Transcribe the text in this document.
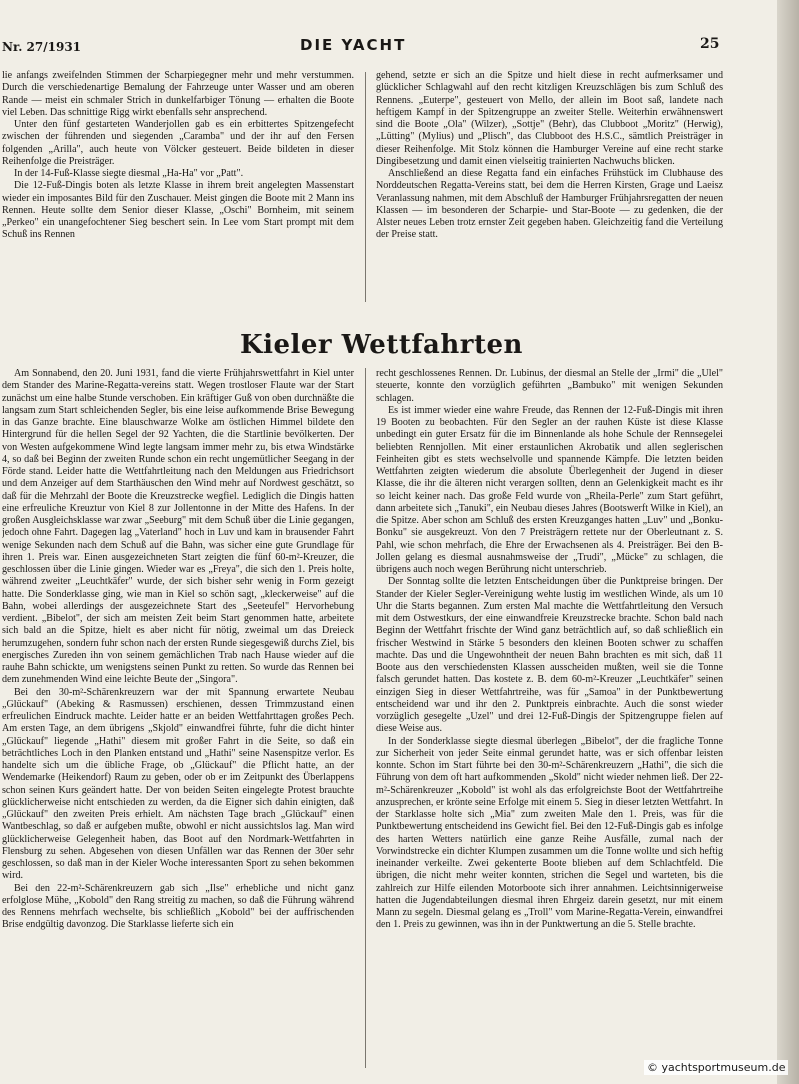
Nr. 27/1931	DIE YACHT	25

lie anfangs zweifelnden Stimmen der Scharpiegegner mehr und mehr verstummen. Durch die verschiedenartige Bemalung der Fahrzeuge unter Wasser und am oberen Rande — meist ein schmaler Strich in dunkelfarbiger Tönung — erhalten die Boote viel Leben. Das schnittige Rigg wirkt ebenfalls sehr ansprechend.

Unter den fünf gestarteten Wanderjollen gab es ein erbittertes Spitzengefecht zwischen der führenden und siegenden „Caramba" und der ihr auf den Fersen folgenden „Arilla", auch heute von Völcker gesteuert. Beide bildeten in dieser Reihenfolge die Preisträger.

In der 14-Fuß-Klasse siegte diesmal „Ha-Ha" vor „Patt".

Die 12-Fuß-Dingis boten als letzte Klasse in ihrem breit angelegten Massenstart wieder ein imposantes Bild für den Zuschauer. Meist gingen die Boote mit 2 Mann ins Rennen. Heute sollte dem Senior dieser Klasse, „Oschi" Bornheim, mit seinem „Perkeo" ein unangefochtener Sieg beschert sein. In Lee vom Start prompt mit dem Schuß ins Rennen

gehend, setzte er sich an die Spitze und hielt diese in recht aufmerksamer und glücklicher Schlagwahl auf den recht kitzligen Kreuzschlägen bis zum Schluß des Rennens. „Euterpe", gesteuert von Mello, der allein im Boot saß, landete nach heftigem Kampf in der Spitzengruppe an zweiter Stelle. Weiterhin erwähnenswert sind die Boote „Ola" (Wilzer), „Sottje" (Behr), das Clubboot „Moritz" (Herwig), „Lütting" (Mylius) und „Plisch", das Clubboot des H.S.C., sämtlich Preisträger in dieser Reihenfolge. Mit Stolz können die Hamburger Vereine auf eine recht starke Dingibesetzung und damit einen vielseitig trainierten Nachwuchs blicken.

Anschließend an diese Regatta fand ein einfaches Frühstück im Clubhause des Norddeutschen Regatta-Vereins statt, bei dem die Herren Kirsten, Grage und Laeisz Veranlassung nahmen, mit dem Abschluß der Hamburger Frühjahrsregatten der neuen Klassen — im besonderen der Scharpie- und Star-Boote — zu gedenken, die der Alster neues Leben trotz ernster Zeit gegeben haben. Gleichzeitig fand die Verteilung der Preise statt.

Kieler Wettfahrten

Am Sonnabend, den 20. Juni 1931, fand die vierte Frühjahrswettfahrt in Kiel unter dem Stander des Marine-Regatta-vereins statt. Wegen trostloser Flaute war der Start zunächst um eine halbe Stunde verschoben. Ein kräftiger Guß von oben durchnäßte die langsam zum Start schleichenden Segler, bis eine leise aufkommende Brise Bewegung in das Ganze brachte. Eine blauschwarze Wolke am östlichen Himmel bildete den Hintergrund für die hellen Segel der 92 Yachten, die die Startlinie bevölkerten. Der von Westen aufgekommene Wind legte langsam immer mehr zu, bis etwa Windstärke 4, so daß bei Beginn der zweiten Runde schon ein recht ungemütlicher Seegang in der Förde stand. Leider hatte die Wettfahrtleitung nach den Meldungen aus Friedrichsort und dem Anzeiger auf dem Starthäuschen den Wind mehr auf Nordwest geschätzt, so daß für die Mehrzahl der Boote die Kreuzstrecke wegfiel. Lediglich die Dingis hatten eine erfreuliche Kreuztur von Kiel 8 zur Jollentonne in der Mitte des Hafens. In der großen Ausgleichsklasse war zwar „Seeburg" mit dem Schuß über die Linie gegangen, jedoch ohne Fahrt. Dagegen lag „Vaterland" hoch in Luv und kam in brausender Fahrt wenige Sekunden nach dem Schuß auf die Bahn, was sicher eine gute Grundlage für ihren 1. Preis war. Einen ausgezeichneten Start zeigten die fünf 60-m²-Kreuzer, die geschlossen über die Linie gingen. Wieder war es „Freya", die sich den 1. Preis holte, während zweiter „Leuchtkäfer" wurde, der sich bisher sehr wenig in Form gezeigt hatte. Die Sonderklasse ging, wie man in Kiel so schön sagt, „kleckerweise" auf die Bahn, wobei allerdings der ausgezeichnete Start des „Seeteufel" Hervorhebung verdient. „Bibelot", der sich am meisten Zeit beim Start genommen hatte, arbeitete sich bald an die Spitze, hielt es aber nicht für nötig, zweimal um das Dreieck herumzugehen, sondern fuhr schon nach der ersten Runde siegesgewiß durchs Ziel, bis energisches Zureden ihn von seinem gemächlichen Trab nach Hause wieder auf die rauhe Bahn schickte, um wenigstens seinen Punkt zu retten. So wurde das Rennen bei dem zunehmenden Wind eine leichte Beute der „Singora".

Bei den 30-m²-Schärenkreuzern war der mit Spannung erwartete Neubau „Glückauf" (Abeking & Rasmussen) erschienen, dessen Trimmzustand einen erfreulichen Eindruck machte. Leider hatte er an beiden Wettfahrttagen großes Pech. Am ersten Tage, an dem übrigens „Skjold" einwandfrei führte, fuhr die dicht hinter „Glückauf" liegende „Hathi" diesem mit großer Fahrt in die Seite, so daß ein beträchtliches Loch in den Planken entstand und „Hathi" seine Nasenspitze verlor. Es handelte sich um die übliche Frage, ob „Glückauf" die Pflicht hatte, an der Wendemarke (Heikendorf) Raum zu geben, oder ob er im Zeitpunkt des Überlappens schon seinen Kurs geändert hatte. Der von beiden Seiten eingelegte Protest brauchte glücklicherweise nicht entschieden zu werden, da die Eigner sich dahin einigten, daß „Glückauf" den zweiten Preis erhielt. Am nächsten Tage brach „Glückauf" einen Wantbeschlag, so daß er aufgeben mußte, obwohl er nicht aussichtslos lag. Man wird glücklicherweise Gelegenheit haben, das Boot auf den Nordmark-Wettfahrten in Flensburg zu sehen. Abgesehen von diesen Unfällen war das Rennen der 30er sehr geschlossen, so daß man in der Kieler Woche interessanten Sport zu sehen bekommen wird.

Bei den 22-m²-Schärenkreuzern gab sich „Ilse" erhebliche und nicht ganz erfolglose Mühe, „Kobold" den Rang streitig zu machen, so daß die Führung während des Rennens mehrfach wechselte, bis schließlich „Kobold" bei der auffrischenden Brise endgültig davonzog. Die Starklasse lieferte sich ein

recht geschlossenes Rennen. Dr. Lubinus, der diesmal an Stelle der „Irmi" die „Ulel" steuerte, konnte den vorzüglich geführten „Bambuko" mit wenigen Sekunden schlagen.

Es ist immer wieder eine wahre Freude, das Rennen der 12-Fuß-Dingis mit ihren 19 Booten zu beobachten. Für den Segler an der rauhen Küste ist diese Klasse unbedingt ein guter Ersatz für die im Binnenlande als hohe Schule der Rennsegelei beliebten Rennjollen. Mit einer erstaunlichen Akrobatik und allen seglerischen Feinheiten gibt es stets wechselvolle und spannende Kämpfe. Die letzten beiden Wettfahrten zeigten wiederum die absolute Überlegenheit der Jugend in dieser Klasse, die ihr die älteren nicht verargen sollten, denn an Gelenkigkeit macht es ihr so leicht keiner nach. Das große Feld wurde von „Rheila-Perle" zum Start geführt, dann arbeitete sich „Tanuki", ein Neubau dieses Jahres (Bootswerft Wilke in Kiel), an die Spitze. Aber schon am Schluß des ersten Kreuzganges hatten „Luv" und „Bonku-Bonku" sie ausgekreuzt. Von den 7 Preisträgern rettete nur der Oberleutnant z. S. Pahl, wie schon mehrfach, die Ehre der Erwachsenen als 4. Preisträger. Bei den B-Jollen gelang es diesmal ausnahmsweise der „Trudi", „Mücke" zu schlagen, die übrigens auch noch wegen Berührung nicht unterschrieb.

Der Sonntag sollte die letzten Entscheidungen über die Punktpreise bringen. Der Stander der Kieler Segler-Vereinigung wehte lustig im westlichen Winde, als um 10 Uhr die Starts begannen. Zum ersten Mal machte die Wettfahrtleitung den Versuch mit dem Ostwestkurs, der eine einwandfreie Kreuzstrecke brachte. Schon bald nach Beginn der Wettfahrt frischte der Wind ganz beträchtlich auf, so daß schließlich ein frischer Westwind in Stärke 5 besonders den kleinen Booten schwer zu schaffen machte. Das und die Ungewohntheit der neuen Bahn brachten es mit sich, daß 11 Boote aus den verschiedensten Klassen ausscheiden mußten, weil sie die Tonne falsch gerundet hatten. Das kostete z. B. dem 60-m²-Kreuzer „Leuchtkäfer" seinen einzigen Sieg in dieser Wettfahrtreihe, was für „Samoa" in der Punktbewertung entscheidend war und ihr den 2. Punktpreis einbrachte. Auch die sonst wieder vorzüglich gesegelte „Uzel" und drei 12-Fuß-Dingis der Spitzengruppe fielen auf diese Weise aus.

In der Sonderklasse siegte diesmal überlegen „Bibelot", der die fragliche Tonne zur Sicherheit von jeder Seite einmal gerundet hatte, was er sich offenbar leisten konnte. Schon im Start führte bei den 30-m²-Schärenkreuzern „Hathi", die sich die Führung von dem oft hart aufkommenden „Skold" nicht wieder nehmen ließ. Der 22-m²-Schärenkreuzer „Kobold" ist wohl als das erfolgreichste Boot der Wettfahrtreihe anzusprechen, er krönte seine Erfolge mit einem 5. Sieg in dieser letzten Wettfahrt. In der Starklasse holte sich „Mia" zum zweiten Male den 1. Preis, was für die Punktbewertung entscheidend ins Gewicht fiel. Bei den 12-Fuß-Dingis gab es infolge des harten Wetters natürlich eine ganze Reihe Ausfälle, zumal nach der Vorwindstrecke ein dichter Klumpen zusammen um die Tonne wollte und sich heftig ineinander verkeilte. Zwei gekenterte Boote blieben auf dem Schlachtfeld. Die übrigen, die nicht mehr weiter konnten, strichen die Segel und warteten, bis die zahlreich zur Hilfe eilenden Motorboote sich ihrer annahmen. Leichtsinnigerweise hatten die Jugendabteilungen diesmal ihren Ehrgeiz darein gesetzt, nur mit einem Mann zu segeln. Diesmal gelang es „Troll" vom Marine-Regatta-Verein, einwandfrei den 1. Preis zu gewinnen, was ihn in der Punktwertung an die 5. Stelle brachte.

© yachtsportmuseum.de
